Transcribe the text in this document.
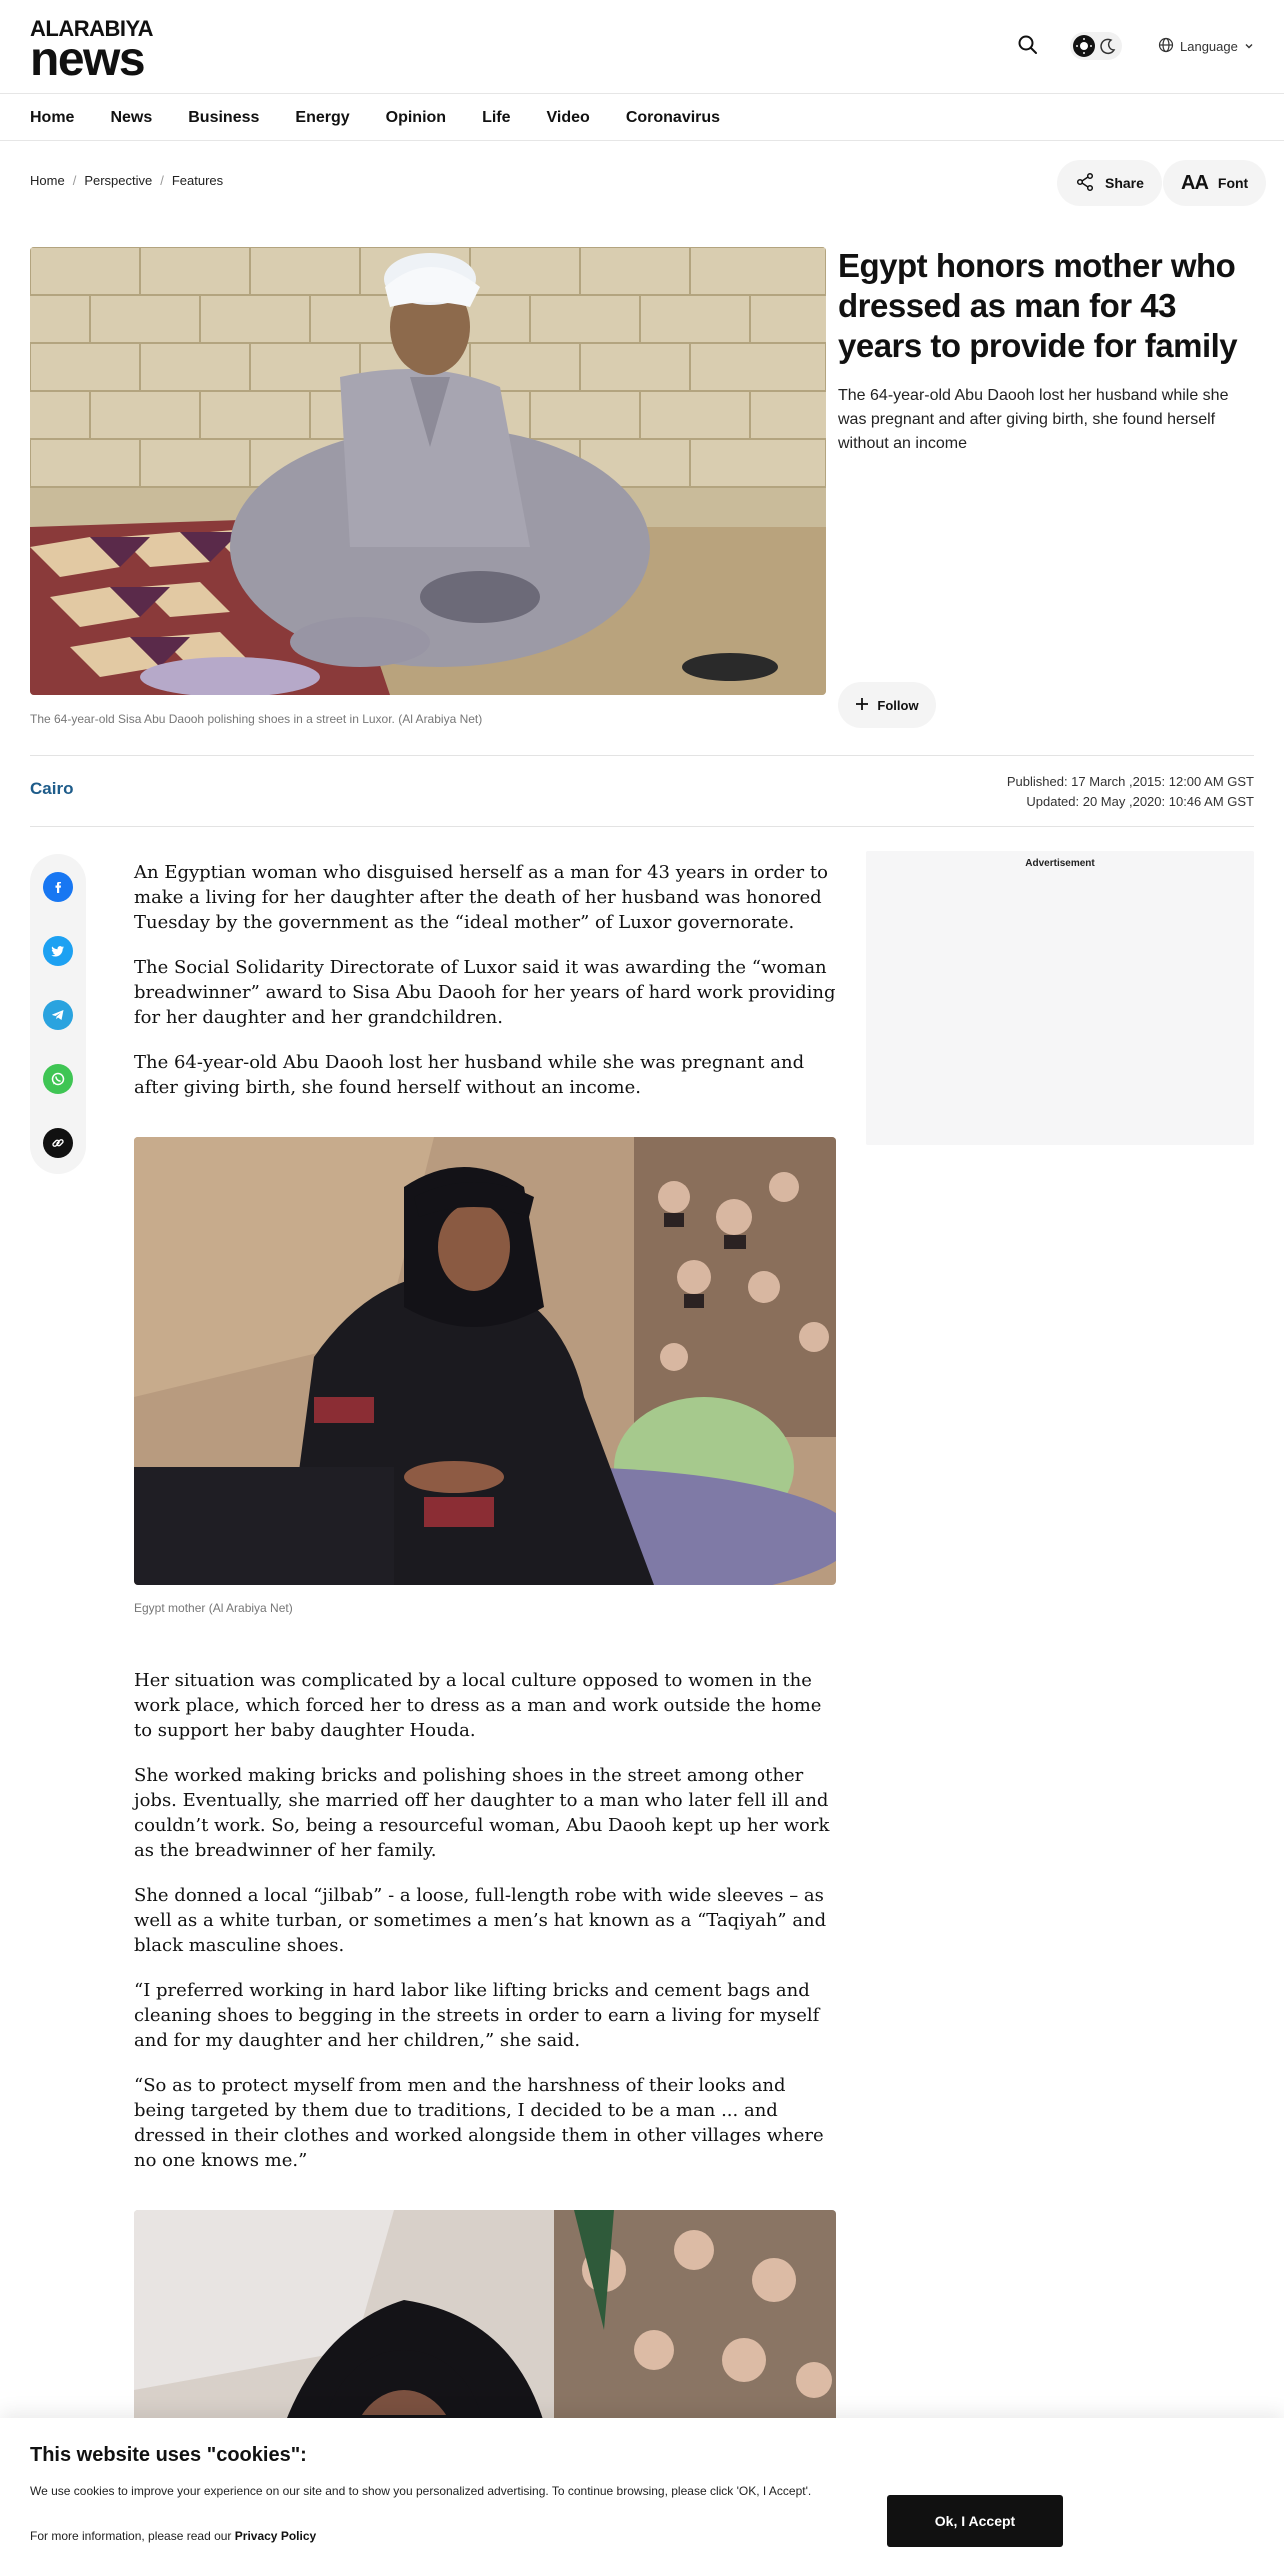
ALARABIYA
news	Language
Home News Business Energy Opinion Life Video Coronavirus
Home / Perspective / Features	Share AA Font
The 64-year-old Sisa Abu Daooh polishing shoes in a street in Luxor. (Al Arabiya Net)
Egypt honors mother who dressed as man for 43 years to provide for family

The 64-year-old Abu Daooh lost her husband while she was pregnant and after giving birth, she found herself without an income

Follow
Cairo	Published: 17 March ,2015: 12:00 AM GST
Updated: 20 May ,2020: 10:46 AM GST

An Egyptian woman who disguised herself as a man for 43 years in order to make a living for her daughter after the death of her husband was honored Tuesday by the government as the “ideal mother” of Luxor governorate.

The Social Solidarity Directorate of Luxor said it was awarding the “woman breadwinner” award to Sisa Abu Daooh for her years of hard work providing for her daughter and her grandchildren.

The 64-year-old Abu Daooh lost her husband while she was pregnant and after giving birth, she found herself without an income.

Egypt mother (Al Arabiya Net)
Advertisement

Her situation was complicated by a local culture opposed to women in the work place, which forced her to dress as a man and work outside the home to support her baby daughter Houda.

She worked making bricks and polishing shoes in the street among other jobs. Eventually, she married off her daughter to a man who later fell ill and couldn’t work. So, being a resourceful woman, Abu Daooh kept up her work as the breadwinner of her family.

She donned a local “jilbab” - a loose, full-length robe with wide sleeves – as well as a white turban, or sometimes a men’s hat known as a “Taqiyah” and black masculine shoes.

“I preferred working in hard labor like lifting bricks and cement bags and cleaning shoes to begging in the streets in order to earn a living for myself and for my daughter and her children,” she said.

“So as to protect myself from men and the harshness of their looks and being targeted by them due to traditions, I decided to be a man ... and dressed in their clothes and worked alongside them in other villages where no one knows me.”

This website uses "cookies":
We use cookies to improve your experience on our site and to show you personalized advertising. To continue browsing, please click 'OK, I Accept'.
For more information, please read our Privacy Policy
Ok, I Accept
